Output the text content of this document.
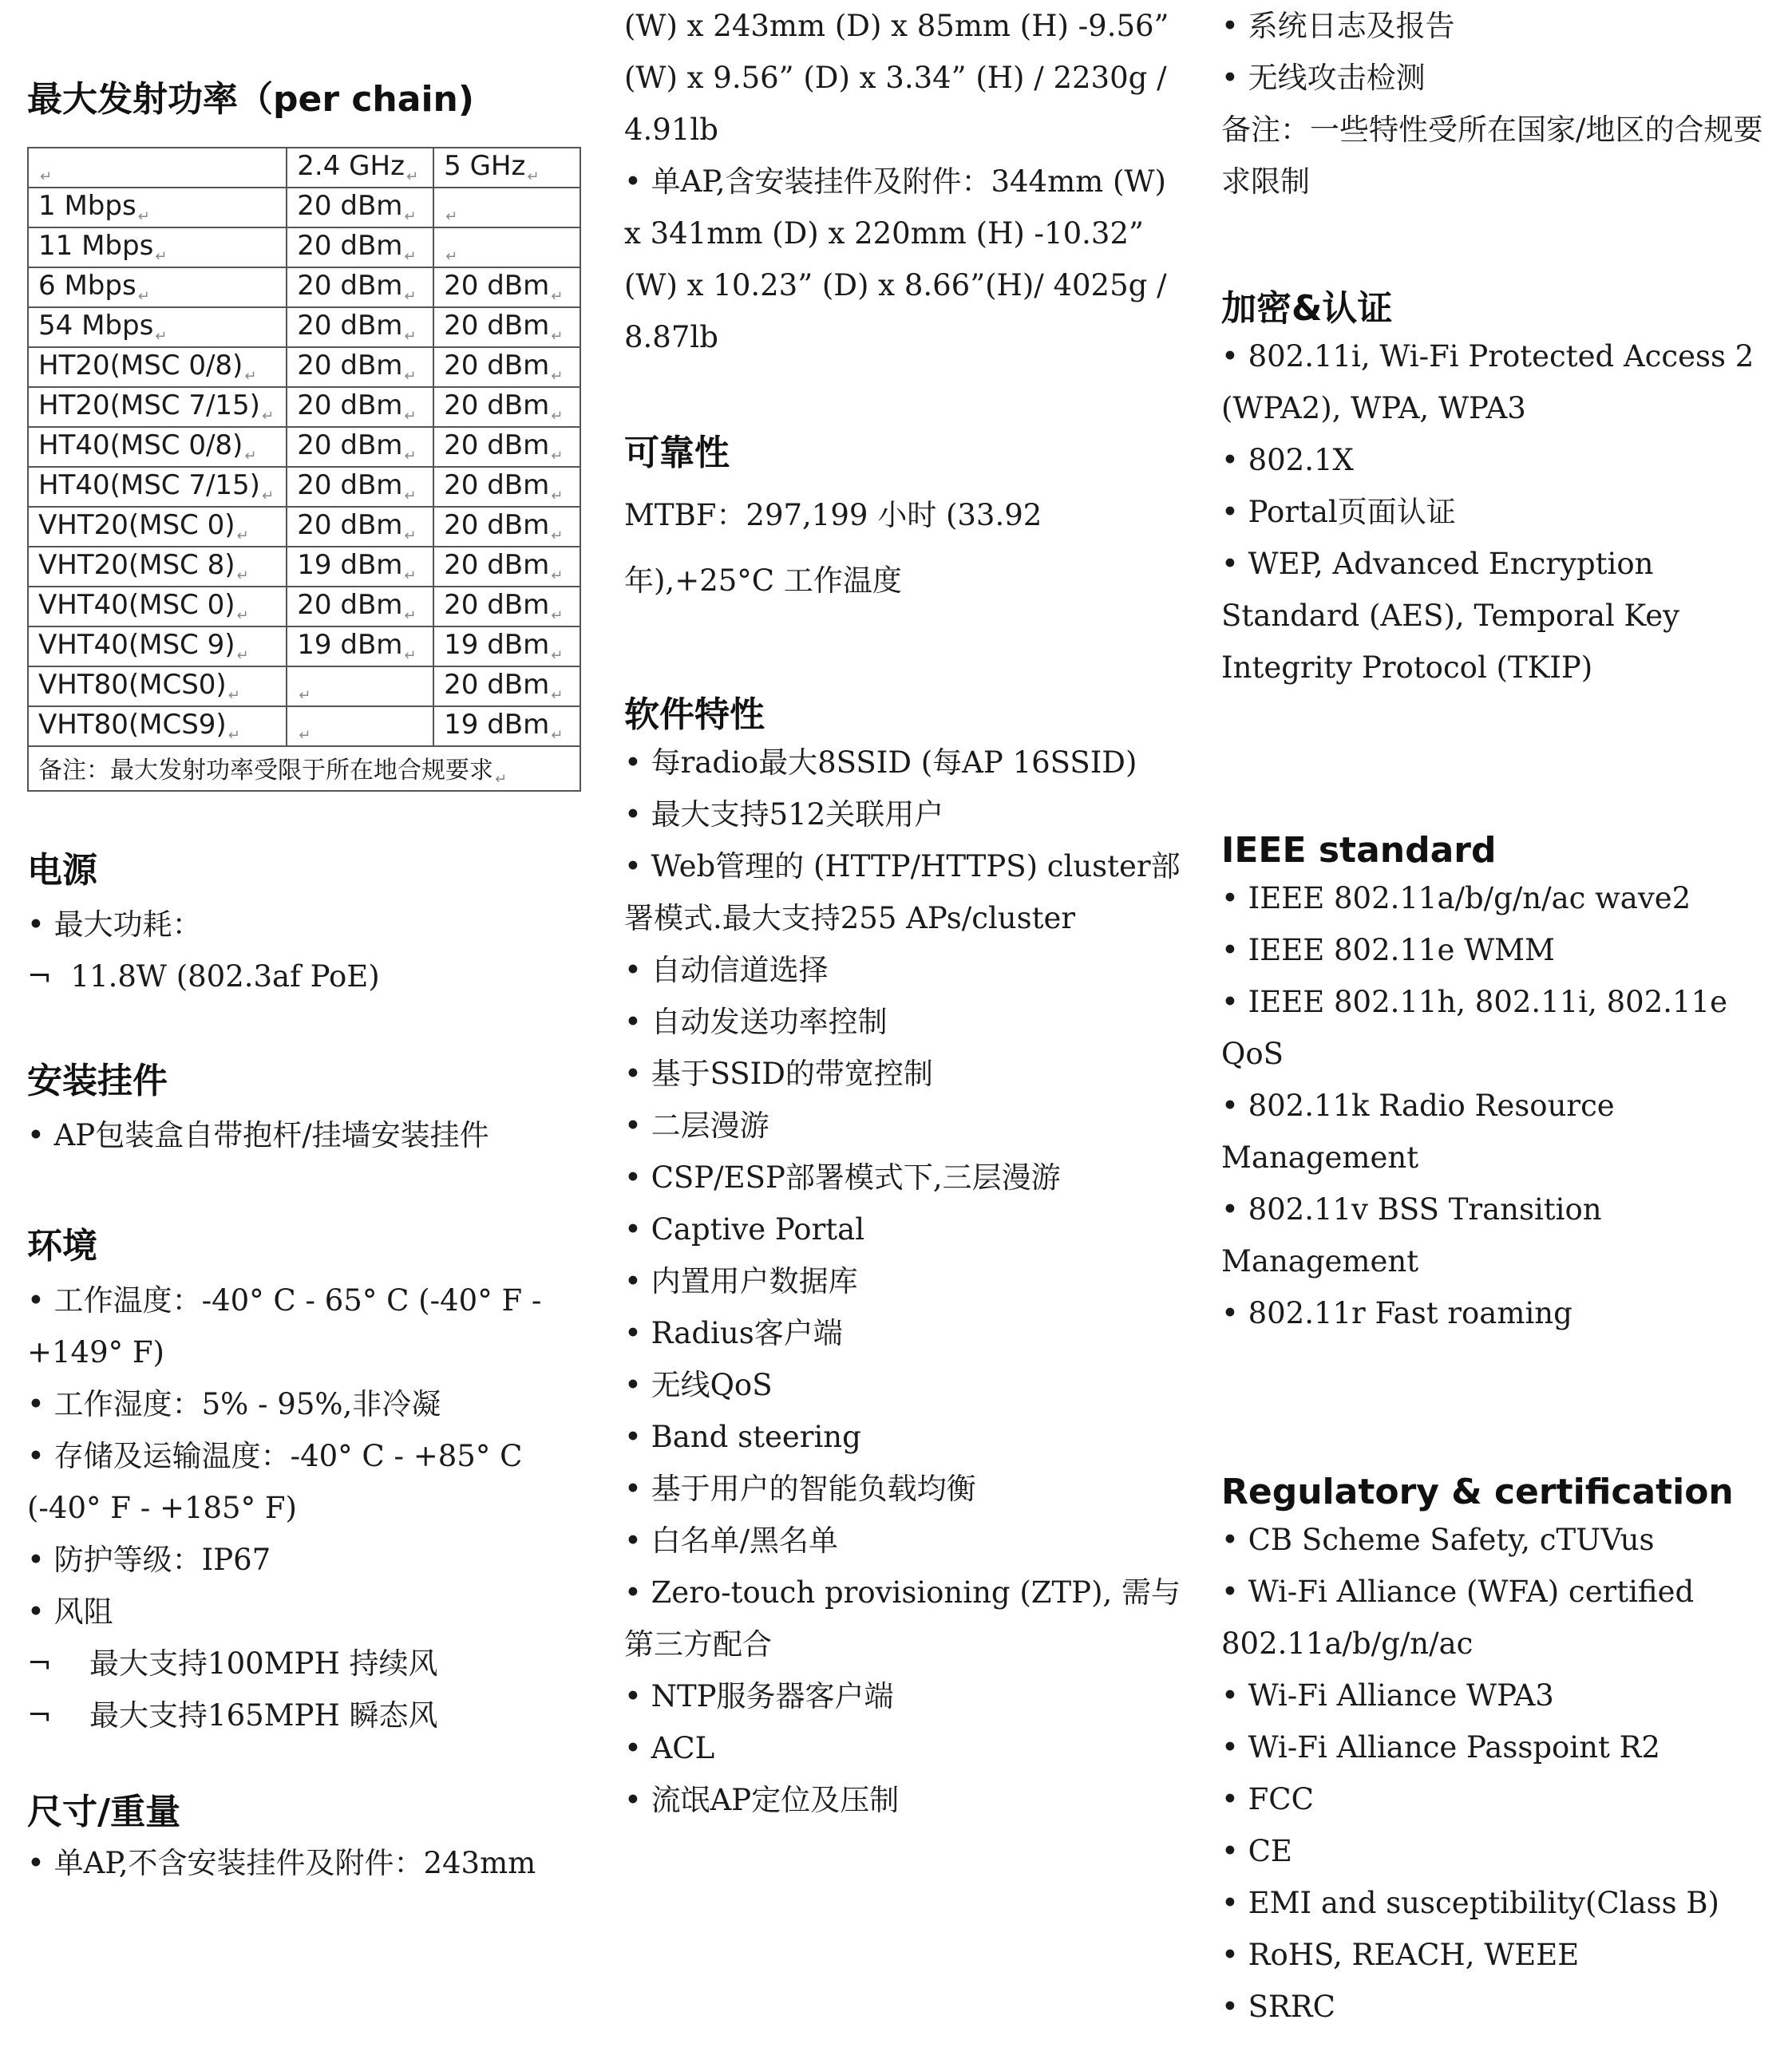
最大发射功率（per chain)
$_↵$	2.4 GHz $_↵$	5 GHz $_↵$
1 Mbps $_↵$	20 dBm $_↵$	$_↵$
11 Mbps $_↵$	20 dBm $_↵$	$_↵$
6 Mbps $_↵$	20 dBm $_↵$	20 dBm $_↵$
54 Mbps $_↵$	20 dBm $_↵$	20 dBm $_↵$
HT20(MSC 0/8) $_↵$	20 dBm $_↵$	20 dBm $_↵$
HT20(MSC 7/15) $_↵$	20 dBm $_↵$	20 dBm $_↵$
HT40(MSC 0/8) $_↵$	20 dBm $_↵$	20 dBm $_↵$
HT40(MSC 7/15) $_↵$	20 dBm $_↵$	20 dBm $_↵$
VHT20(MSC 0) $_↵$	20 dBm $_↵$	20 dBm $_↵$
VHT20(MSC 8) $_↵$	19 dBm $_↵$	20 dBm $_↵$
VHT40(MSC 0) $_↵$	20 dBm $_↵$	20 dBm $_↵$
VHT40(MSC 9) $_↵$	19 dBm $_↵$	19 dBm $_↵$
VHT80(MCS0) $_↵$	$_↵$	20 dBm $_↵$
VHT80(MCS9) $_↵$	$_↵$	19 dBm $_↵$
备注：最大发射功率受限于所在地合规要求 $_↵$
电源

• 最大功耗：

¬  11.8W (802.3af PoE)

安装挂件

• AP包装盒自带抱杆/挂墙安装挂件

环境

• 工作温度：-40° C - 65° C (-40° F - +149° F)

• 工作湿度：5% - 95%,非冷凝

• 存储及运输温度：-40° C - +85° C (-40° F - +185° F)

• 防护等级：IP67

• 风阻

¬    最大支持100MPH 持续风

¬    最大支持165MPH 瞬态风

尺寸/重量

• 单AP,不含安装挂件及附件：243mm

(W) x 243mm (D) x 85mm (H) -9.56” (W) x 9.56” (D) x 3.34” (H) / 2230g / 4.91lb

• 单AP,含安装挂件及附件：344mm (W) x 341mm (D) x 220mm (H) -10.32” (W) x 10.23” (D) x 8.66”(H)/ 4025g / 8.87lb

可靠性

MTBF：297,199 小时 (33.92年),+25°C 工作温度

软件特性

• 每radio最大8SSID (每AP 16SSID)

• 最大支持512关联用户

• Web管理的 (HTTP/HTTPS) cluster部署模式.最大支持255 APs/cluster

• 自动信道选择

• 自动发送功率控制

• 基于SSID的带宽控制

• 二层漫游

• CSP/ESP部署模式下,三层漫游

• Captive Portal

• 内置用户数据库

• Radius客户端

• 无线QoS

• Band steering

• 基于用户的智能负载均衡

• 白名单/黑名单

• Zero-touch provisioning (ZTP), 需与第三方配合

• NTP服务器客户端

• ACL

• 流氓AP定位及压制

• 系统日志及报告

• 无线攻击检测

备注：一些特性受所在国家/地区的合规要求限制

加密&认证

• 802.11i, Wi-Fi Protected Access 2 (WPA2), WPA, WPA3

• 802.1X

• Portal页面认证

• WEP, Advanced Encryption Standard (AES), Temporal Key Integrity Protocol (TKIP)

IEEE standard

• IEEE 802.11a/b/g/n/ac wave2

• IEEE 802.11e WMM

• IEEE 802.11h, 802.11i, 802.11e QoS

• 802.11k Radio Resource Management

• 802.11v BSS Transition Management

• 802.11r Fast roaming

Regulatory & certification

• CB Scheme Safety, cTUVus

• Wi-Fi Alliance (WFA) certified 802.11a/b/g/n/ac

• Wi-Fi Alliance WPA3

• Wi-Fi Alliance Passpoint R2

• FCC

• CE

• EMI and susceptibility(Class B)

• RoHS, REACH, WEEE

• SRRC
